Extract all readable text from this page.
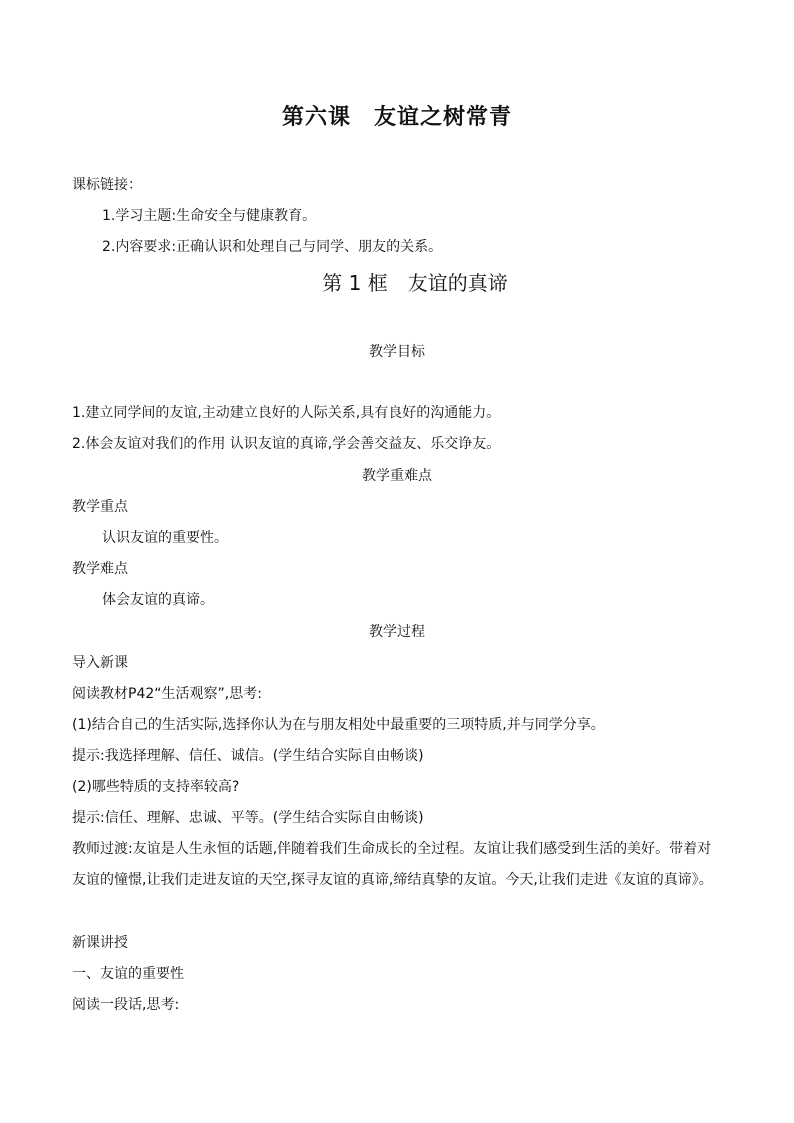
第六课　友谊之树常青
课标链接：
1.学习主题:生命安全与健康教育。
2.内容要求:正确认识和处理自己与同学、朋友的关系。
第 1 框　友谊的真谛
教学目标
1.建立同学间的友谊,主动建立良好的人际关系,具有良好的沟通能力。
2.体会友谊对我们的作用 认识友谊的真谛,学会善交益友、乐交诤友。
教学重难点
教学重点
认识友谊的重要性。
教学难点
体会友谊的真谛。
教学过程
导入新课
阅读教材P42“生活观察”,思考:
(1)结合自己的生活实际,选择你认为在与朋友相处中最重要的三项特质,并与同学分享。
提示:我选择理解、信任、诚信。(学生结合实际自由畅谈)
(2)哪些特质的支持率较高?
提示:信任、理解、忠诚、平等。(学生结合实际自由畅谈)
教师过渡:友谊是人生永恒的话题,伴随着我们生命成长的全过程。友谊让我们感受到生活的美好。带着对友谊的憧憬,让我们走进友谊的天空,探寻友谊的真谛,缔结真挚的友谊。今天,让我们走进《友谊的真谛》。
新课讲授
一、友谊的重要性
阅读一段话,思考:
